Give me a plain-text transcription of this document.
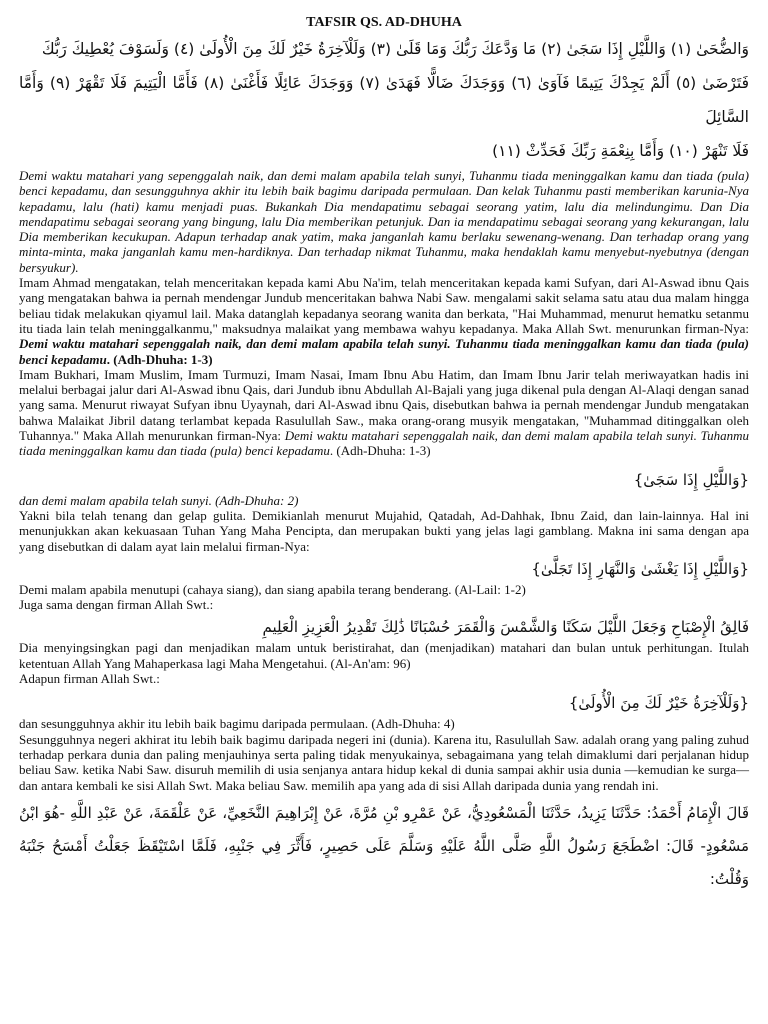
TAFSIR QS. AD-DHUHA

وَالضُّحَىٰ (١) وَاللَّيْلِ إِذَا سَجَىٰ (٢) مَا وَدَّعَكَ رَبُّكَ وَمَا قَلَىٰ (٣) وَلَلْآخِرَةُ خَيْرٌ لَكَ مِنَ الْأُولَىٰ (٤) وَلَسَوْفَ يُعْطِيكَ رَبُّكَ

فَتَرْضَىٰ (٥) أَلَمْ يَجِدْكَ يَتِيمًا فَآوَىٰ (٦) وَوَجَدَكَ ضَالًّا فَهَدَىٰ (٧) وَوَجَدَكَ عَائِلًا فَأَغْنَىٰ (٨) فَأَمَّا الْيَتِيمَ فَلَا تَقْهَرْ (٩) وَأَمَّا السَّائِلَ

فَلَا تَنْهَرْ (١٠) وَأَمَّا بِنِعْمَةِ رَبِّكَ فَحَدِّثْ (١١)

Demi waktu matahari yang sepenggalah naik, dan demi malam apabila telah sunyi, Tuhanmu tiada meninggalkan kamu dan tiada (pula) benci kepadamu, dan sesungguhnya akhir itu lebih baik bagimu daripada permulaan. Dan kelak Tuhanmu pasti memberikan karunia-Nya kepadamu, lalu (hati) kamu menjadi puas. Bukankah Dia mendapatimu sebagai seorang yatim, lalu dia melindungimu. Dan Dia mendapatimu sebagai seorang yang bingung, lalu Dia memberikan petunjuk. Dan ia mendapatimu sebagai seorang yang kekurangan, lalu Dia memberikan kecukupan. Adapun terhadap anak yatim, maka janganlah kamu berlaku sewenang-wenang. Dan terhadap orang yang minta-minta, maka janganlah kamu men-hardiknya. Dan terhadap nikmat Tuhanmu, maka hendaklah kamu menyebut-nyebutnya (dengan bersyukur).

Imam Ahmad mengatakan, telah menceritakan kepada kami Abu Na'im, telah menceritakan kepada kami Sufyan, dari Al-Aswad ibnu Qais yang mengatakan bahwa ia pernah mendengar Jundub menceritakan bahwa Nabi Saw. mengalami sakit selama satu atau dua malam hingga beliau tidak melakukan qiyamul lail. Maka datanglah kepadanya seorang wanita dan berkata, "Hai Muhammad, menurut hematku setanmu itu tiada lain telah meninggalkanmu," maksudnya malaikat yang membawa wahyu kepadanya. Maka Allah Swt. menurunkan firman-Nya: Demi waktu matahari sepenggalah naik, dan demi malam apabila telah sunyi. Tuhanmu tiada meninggalkan kamu dan tiada (pula) benci kepadamu. (Adh-Dhuha: 1-3)

Imam Bukhari, Imam Muslim, Imam Turmuzi, Imam Nasai, Imam Ibnu Abu Hatim, dan Imam Ibnu Jarir telah meriwayatkan hadis ini melalui berbagai jalur dari Al-Aswad ibnu Qais, dari Jundub ibnu Abdullah Al-Bajali yang juga dikenal pula dengan Al-Alaqi dengan sanad yang sama. Menurut riwayat Sufyan ibnu Uyaynah, dari Al-Aswad ibnu Qais, disebutkan bahwa ia pernah mendengar Jundub mengatakan bahwa Malaikat Jibril datang terlambat kepada Rasulullah Saw., maka orang-orang musyik mengatakan, "Muhammad ditinggalkan oleh Tuhannya." Maka Allah menurunkan firman-Nya: Demi waktu matahari sepenggalah naik, dan demi malam apabila telah sunyi. Tuhanmu tiada meninggalkan kamu dan tiada (pula) benci kepadamu. (Adh-Dhuha: 1-3)

{وَاللَّيْلِ إِذَا سَجَىٰ}

dan demi malam apabila telah sunyi. (Adh-Dhuha: 2)

Yakni bila telah tenang dan gelap gulita. Demikianlah menurut Mujahid, Qatadah, Ad-Dahhak, Ibnu Zaid, dan lain-lainnya. Hal ini menunjukkan akan kekuasaan Tuhan Yang Maha Pencipta, dan merupakan bukti yang jelas lagi gamblang. Makna ini sama dengan apa yang disebutkan di dalam ayat lain melalui firman-Nya:

{وَاللَّيْلِ إِذَا يَغْشَىٰ وَالنَّهَارِ إِذَا تَجَلَّىٰ}

Demi malam apabila menutupi (cahaya siang), dan siang apabila terang benderang. (Al-Lail: 1-2)

Juga sama dengan firman Allah Swt.:

فَالِقُ الْإِصْبَاحِ وَجَعَلَ اللَّيْلَ سَكَنًا وَالشَّمْسَ وَالْقَمَرَ حُسْبَانًا ذَٰلِكَ تَقْدِيرُ الْعَزِيزِ الْعَلِيمِ

Dia menyingsingkan pagi dan menjadikan malam untuk beristirahat, dan (menjadikan) matahari dan bulan untuk perhitungan. Itulah ketentuan Allah Yang Mahaperkasa lagi Maha Mengetahui. (Al-An'am: 96)

Adapun firman Allah Swt.:

{وَلَلْآخِرَةُ خَيْرٌ لَكَ مِنَ الْأُولَىٰ}

dan sesungguhnya akhir itu lebih baik bagimu daripada permulaan. (Adh-Dhuha: 4)

Sesungguhnya negeri akhirat itu lebih baik bagimu daripada negeri ini (dunia). Karena itu, Rasulullah Saw. adalah orang yang paling zuhud terhadap perkara dunia dan paling menjauhinya serta paling tidak menyukainya, sebagaimana yang telah dimaklumi dari perjalanan hidup beliau Saw. ketika Nabi Saw. disuruh memilih di usia senjanya antara hidup kekal di dunia sampai akhir usia dunia —kemudian ke surga— dan antara kembali ke sisi Allah Swt. Maka beliau Saw. memilih apa yang ada di sisi Allah daripada dunia yang rendah ini.

قَالَ الْإِمَامُ أَحْمَدُ: حَدَّثَنَا يَزِيدُ، حَدَّثَنَا الْمَسْعُودِيُّ، عَنْ عَمْرِو بْنِ مُرَّةَ، عَنْ إِبْرَاهِيمَ النَّخَعِيِّ، عَنْ عَلْقَمَةَ، عَنْ عَبْدِ اللَّهِ -هُوَ ابْنُ مَسْعُودٍ- قَالَ: اضْطَجَعَ رَسُولُ اللَّهِ صَلَّى اللَّهُ عَلَيْهِ وَسَلَّمَ عَلَى حَصِيرٍ، فَأَثَّرَ فِي جَنْبِهِ، فَلَمَّا اسْتَيْقَظَ جَعَلْتُ أَمْسَحُ جَنْبَهُ وَقُلْتُ:
